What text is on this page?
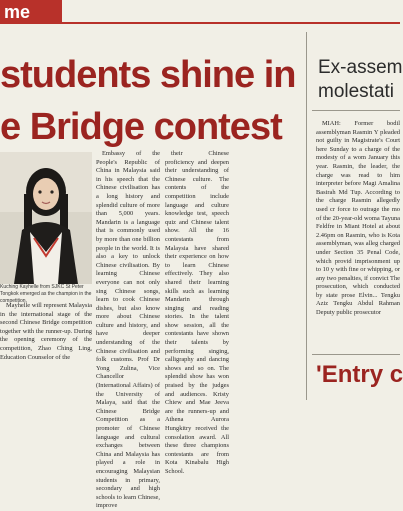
me
students shine in
e Bridge contest
Ex-assem
molestati
Kuching Kayhelle from SJKC St Peter Tongkok emerged as the champion in the competition.

Mayhelle will represent Malaysia in the international stage of the second Chinese Bridge competition together with the runner-up. During the opening ceremony of the competition, Zhao Ching Ling, Education Counselor of the

Embassy of the People's Republic of China in Malaysia said in his speech that the Chinese civilisation has a long history and splendid culture of more than 5,000 years. Mandarin is a language that is commonly used by more than one billion people in the world. It is also a key to unlock Chinese civilisation. By learning Chinese everyone can not only sing Chinese songs, learn to cook Chinese dishes, but also know more about Chinese culture and history, and have deeper understanding of the Chinese civilisation and folk customs. Prof Dr Yong Zulina, Vice Chancellor (International Affairs) of the University of Malaya, said that the Chinese Bridge Competition as a promoter of Chinese language and cultural exchanges between China and Malaysia has played a role in encouraging Malaysian students in primary, secondary and high schools to learn Chinese, improve

their Chinese proficiency and deepen their understanding of Chinese culture. The contents of the competition include language and culture knowledge test, speech quiz and Chinese talent show. All the 16 contestants from Malaysia have shared their experience on how to learn Chinese effectively. They also shared their learning skills such as learning Mandarin through singing and reading stories. In the talent show session, all the contestants have shown their talents by performing singing, calligraphy and dancing shows and so on. The splendid show has won praised by the judges and audiences. Kristy Chiew and Mae Jeeva are the runners-up and Athena Aurora Hungkitry received the consolation award. All these three champions contestants are from Kota Kinabalu High School.

MIAH: Former bodil assemblyman Rasmin Y pleaded not guilty in Magistrate's Court here Sunday to a charge of the modesty of a wom January this year. Rasmin, the leader, the charge was read to him interpreter before Magi Amalina Basirah Md Tup. According to the charge Rasmin allegedly used cr force to outrage the mo of the 20-year-old woma Tayuna Feldfre in Miant Hotel at about 2.46pm on Rasmin, who is Kota assemblyman, was alleg charged under Section 35 Penal Code, which provid imprisonment up to 10 y with fine or whipping, or any two penalties, if convict The prosecution, which conducted by state prose Elvin... Tengku Aziz Tengku Abdul Rahman Deputy public prosecutor

'Entry c
